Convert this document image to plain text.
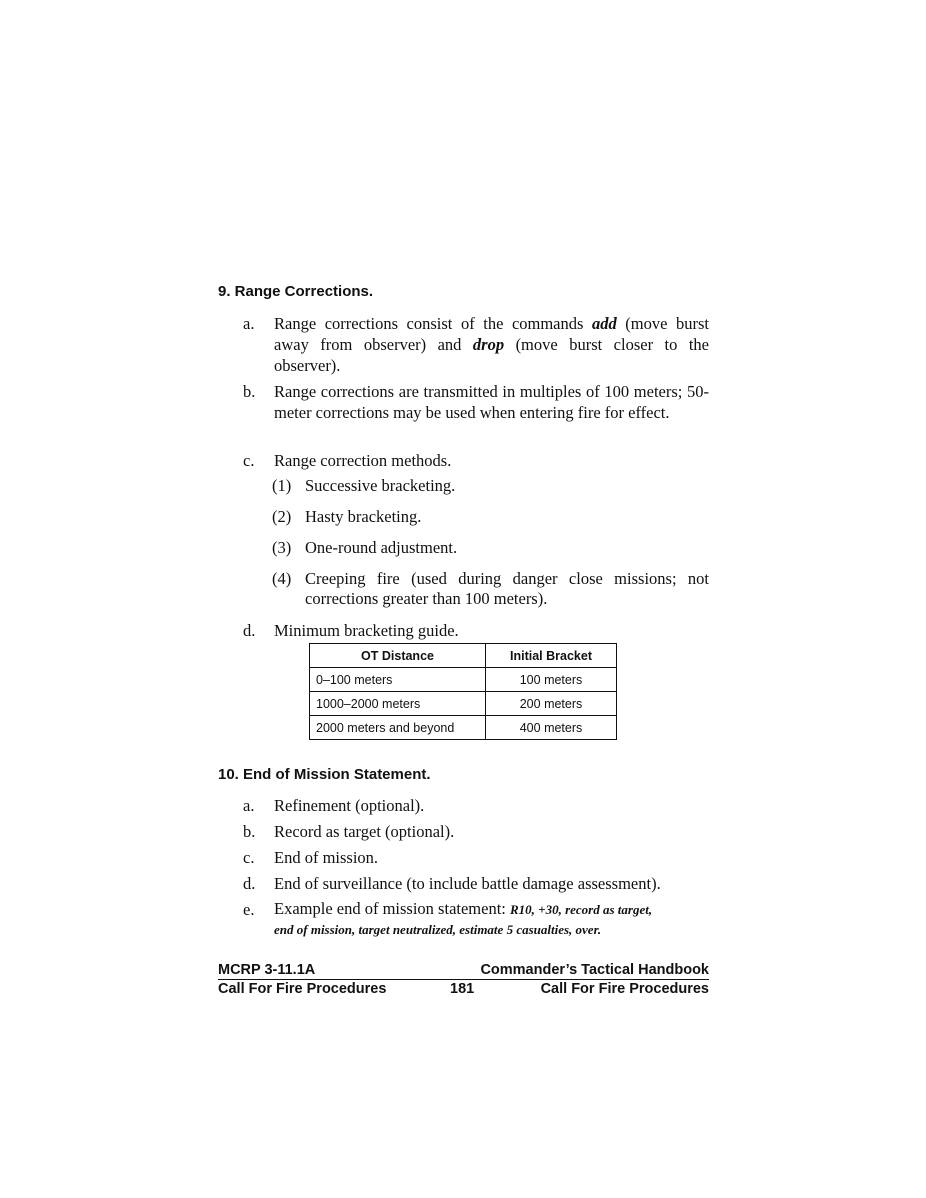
9. Range Corrections.
a.	Range corrections consist of the commands add (move burst away from observer) and drop (move burst closer to the observer).
b.	Range corrections are transmitted in multiples of 100 meters; 50-meter corrections may be used when entering fire for effect.
c.	Range correction methods.
(1) Successive bracketing.
(2) Hasty bracketing.
(3) One-round adjustment.
(4) Creeping fire (used during danger close missions; not corrections greater than 100 meters).
d.	Minimum bracketing guide.
OT Distance	Initial Bracket
0–100 meters	100 meters
1000–2000 meters	200 meters
2000 meters and beyond	400 meters
10. End of Mission Statement.
a.	Refinement (optional).
b.	Record as target (optional).
c.	End of mission.
d.	End of surveillance (to include battle damage assessment).
e.	Example end of mission statement: R10, +30, record as target,
end of mission, target neutralized, estimate 5 casualties, over.
MCRP 3-11.1A	Commander’s Tactical Handbook
Call For Fire Procedures	181	Call For Fire Procedures
